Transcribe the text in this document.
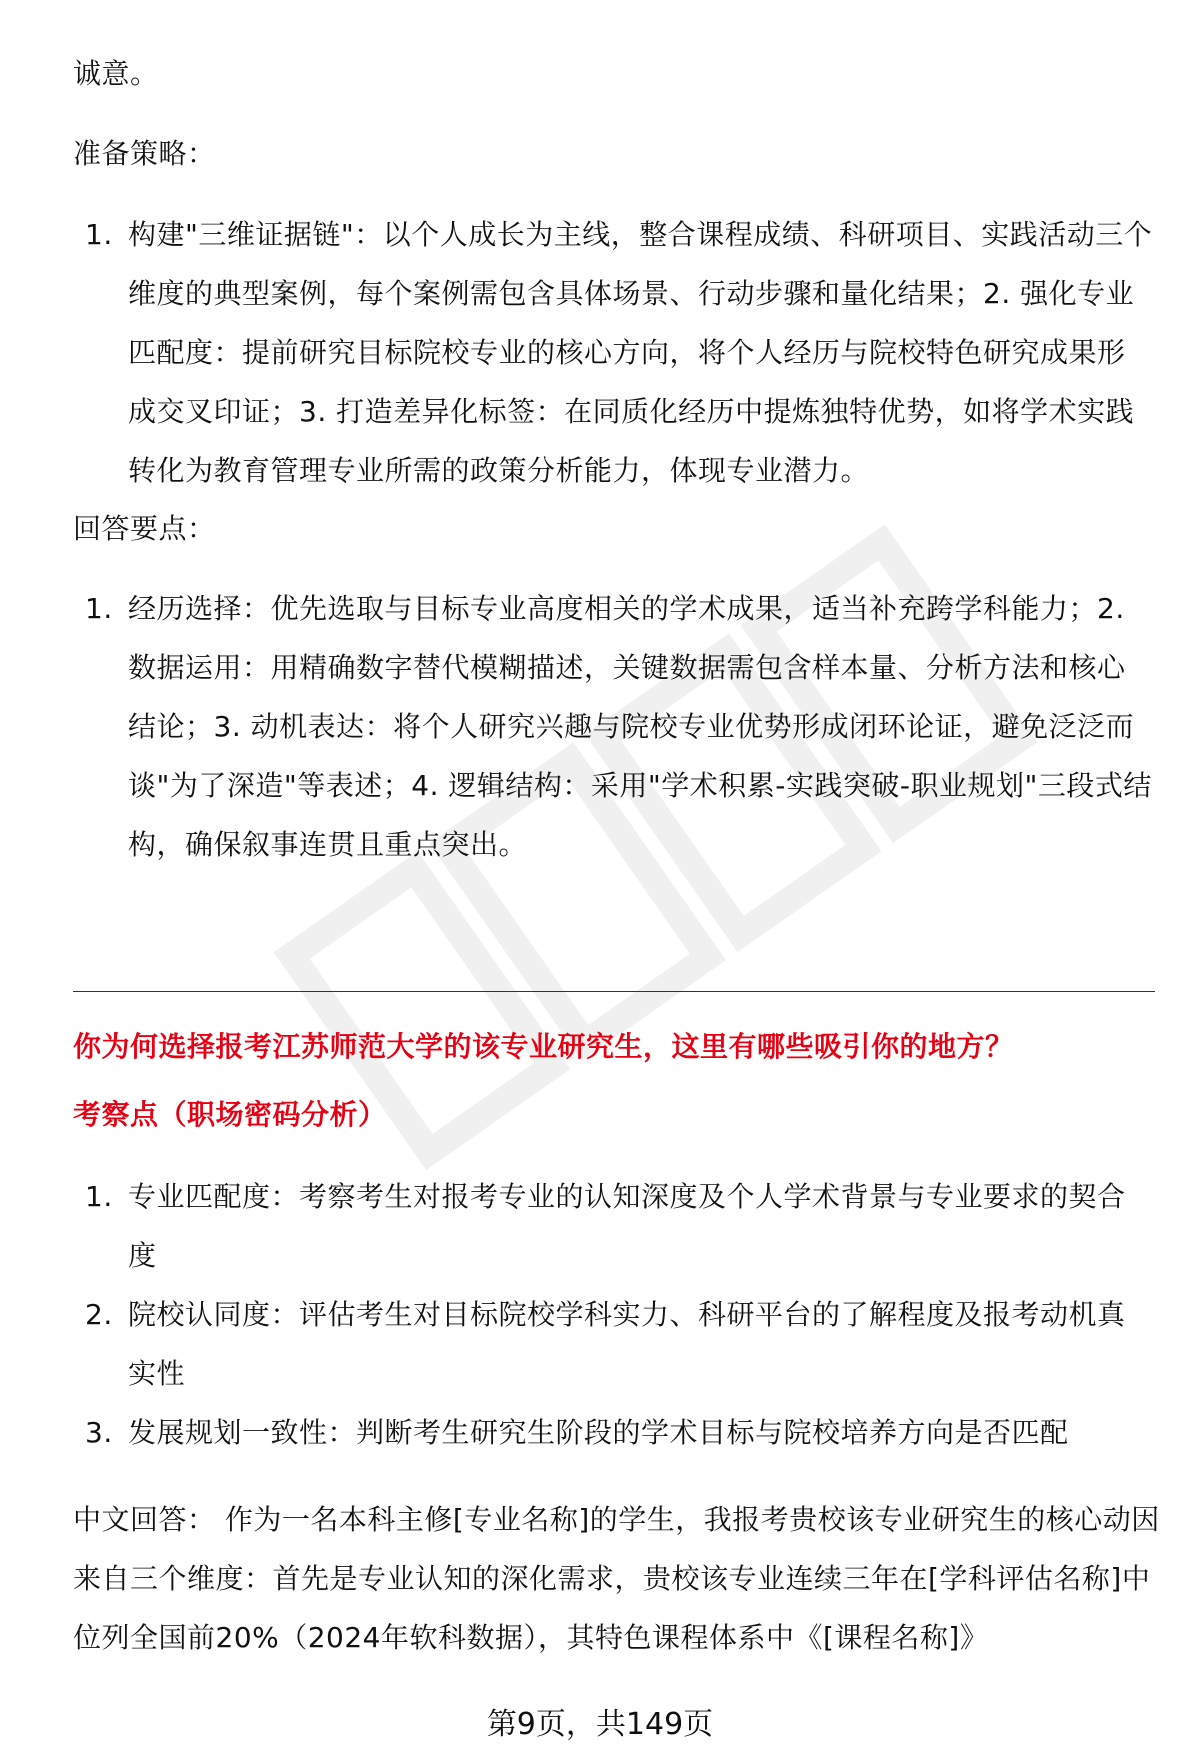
诚意。

准备策略：

1. 构建"三维证据链"：以个人成长为主线，整合课程成绩、科研项目、实践活动三个维度的典型案例，每个案例需包含具体场景、行动步骤和量化结果；2. 强化专业匹配度：提前研究目标院校专业的核心方向，将个人经历与院校特色研究成果形成交叉印证；3. 打造差异化标签：在同质化经历中提炼独特优势，如将学术实践转化为教育管理专业所需的政策分析能力，体现专业潜力。

回答要点：

1. 经历选择：优先选取与目标专业高度相关的学术成果，适当补充跨学科能力；2. 数据运用：用精确数字替代模糊描述，关键数据需包含样本量、分析方法和核心结论；3. 动机表达：将个人研究兴趣与院校专业优势形成闭环论证，避免泛泛而谈"为了深造"等表述；4. 逻辑结构：采用"学术积累-实践突破-职业规划"三段式结构，确保叙事连贯且重点突出。

你为何选择报考江苏师范大学的该专业研究生，这里有哪些吸引你的地方？

考察点（职场密码分析）

1. 专业匹配度：考察考生对报考专业的认知深度及个人学术背景与专业要求的契合度
2. 院校认同度：评估考生对目标院校学科实力、科研平台的了解程度及报考动机真实性
3. 发展规划一致性：判断考生研究生阶段的学术目标与院校培养方向是否匹配

中文回答： 作为一名本科主修[专业名称]的学生，我报考贵校该专业研究生的核心动因来自三个维度：首先是专业认知的深化需求，贵校该专业连续三年在[学科评估名称]中位列全国前20%（2024年软科数据），其特色课程体系中《[课程名称]》

第9页，共149页
